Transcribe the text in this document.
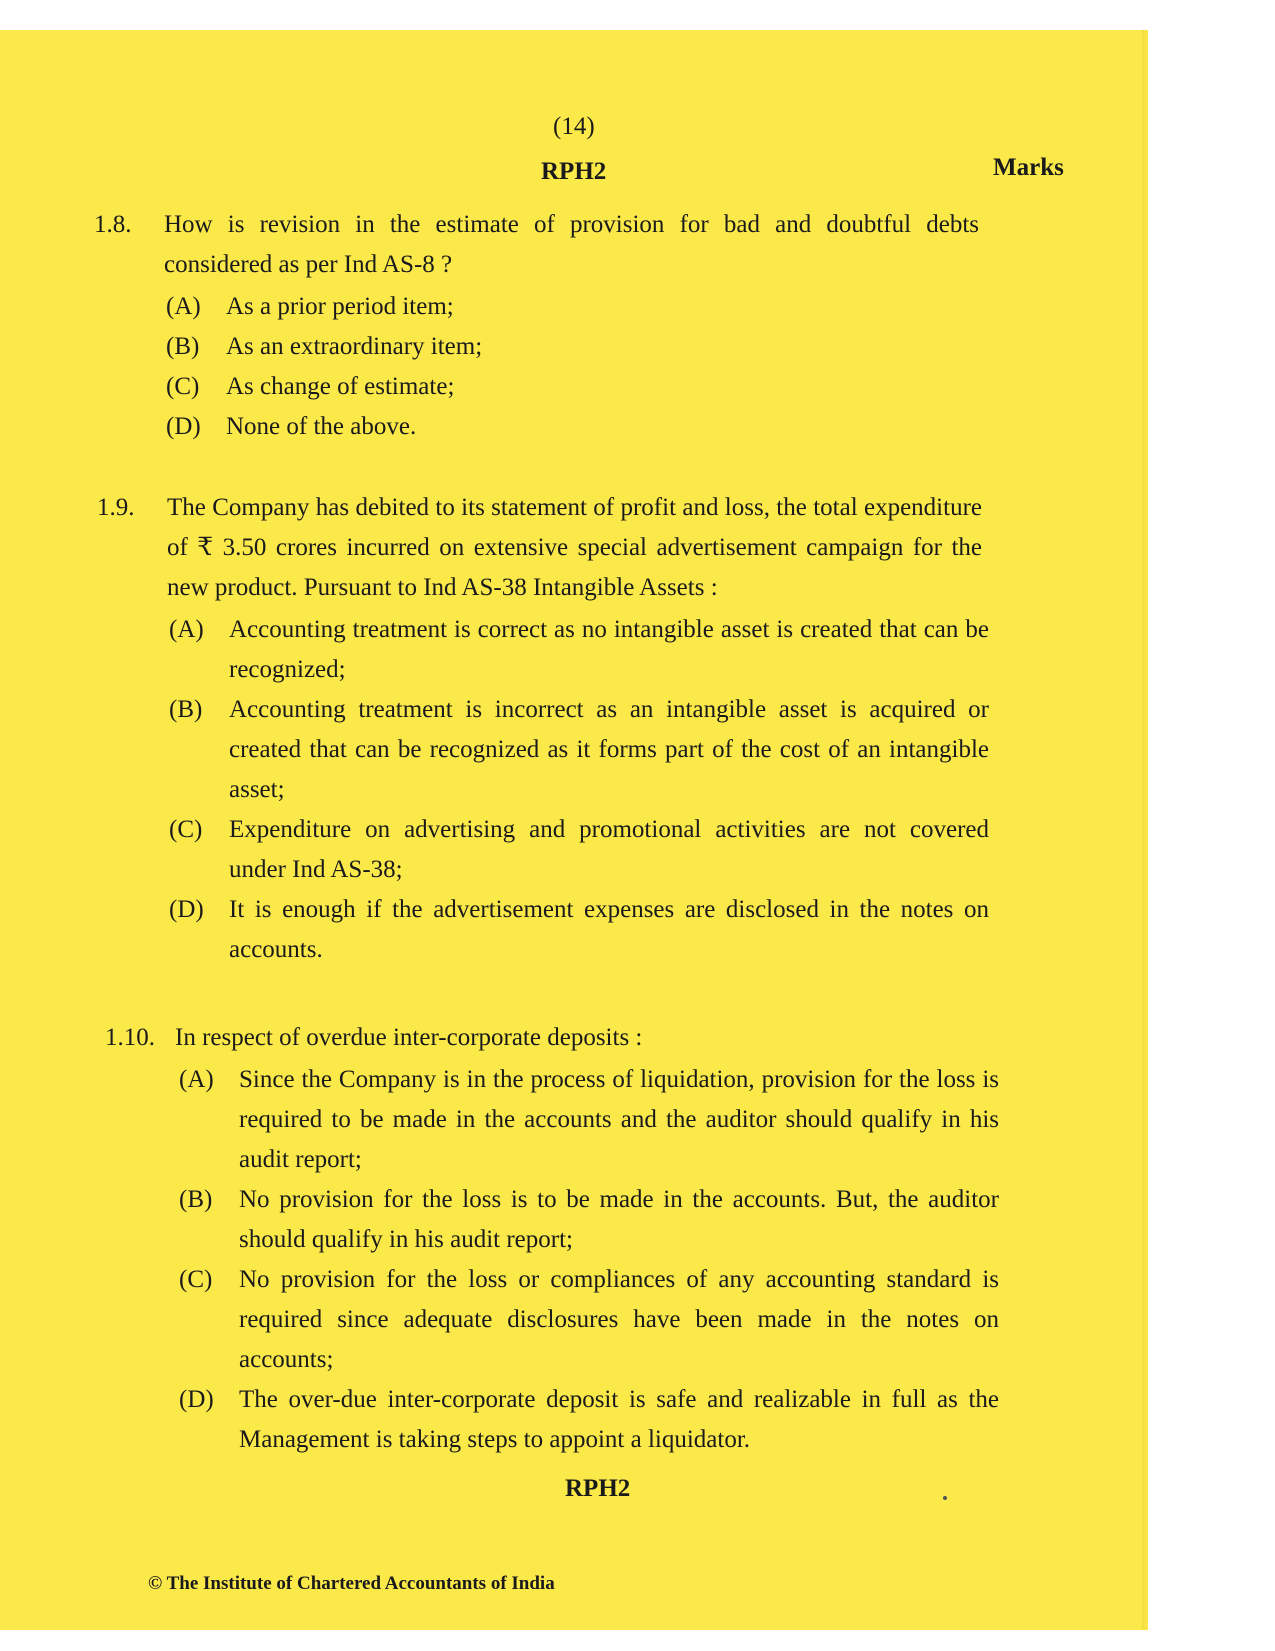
(14)
RPH2	Marks
1.8. How is revision in the estimate of provision for bad and doubtful debts considered as per Ind AS-8 ?
(A) As a prior period item;
(B) As an extraordinary item;
(C) As change of estimate;
(D) None of the above.
1.9. The Company has debited to its statement of profit and loss, the total expenditure of ₹ 3.50 crores incurred on extensive special advertisement campaign for the new product. Pursuant to Ind AS-38 Intangible Assets :
(A) Accounting treatment is correct as no intangible asset is created that can be recognized;
(B) Accounting treatment is incorrect as an intangible asset is acquired or created that can be recognized as it forms part of the cost of an intangible asset;
(C) Expenditure on advertising and promotional activities are not covered under Ind AS-38;
(D) It is enough if the advertisement expenses are disclosed in the notes on accounts.
1.10. In respect of overdue inter-corporate deposits :
(A) Since the Company is in the process of liquidation, provision for the loss is required to be made in the accounts and the auditor should qualify in his audit report;
(B) No provision for the loss is to be made in the accounts. But, the auditor should qualify in his audit report;
(C) No provision for the loss or compliances of any accounting standard is required since adequate disclosures have been made in the notes on accounts;
(D) The over-due inter-corporate deposit is safe and realizable in full as the Management is taking steps to appoint a liquidator.
RPH2
© The Institute of Chartered Accountants of India
